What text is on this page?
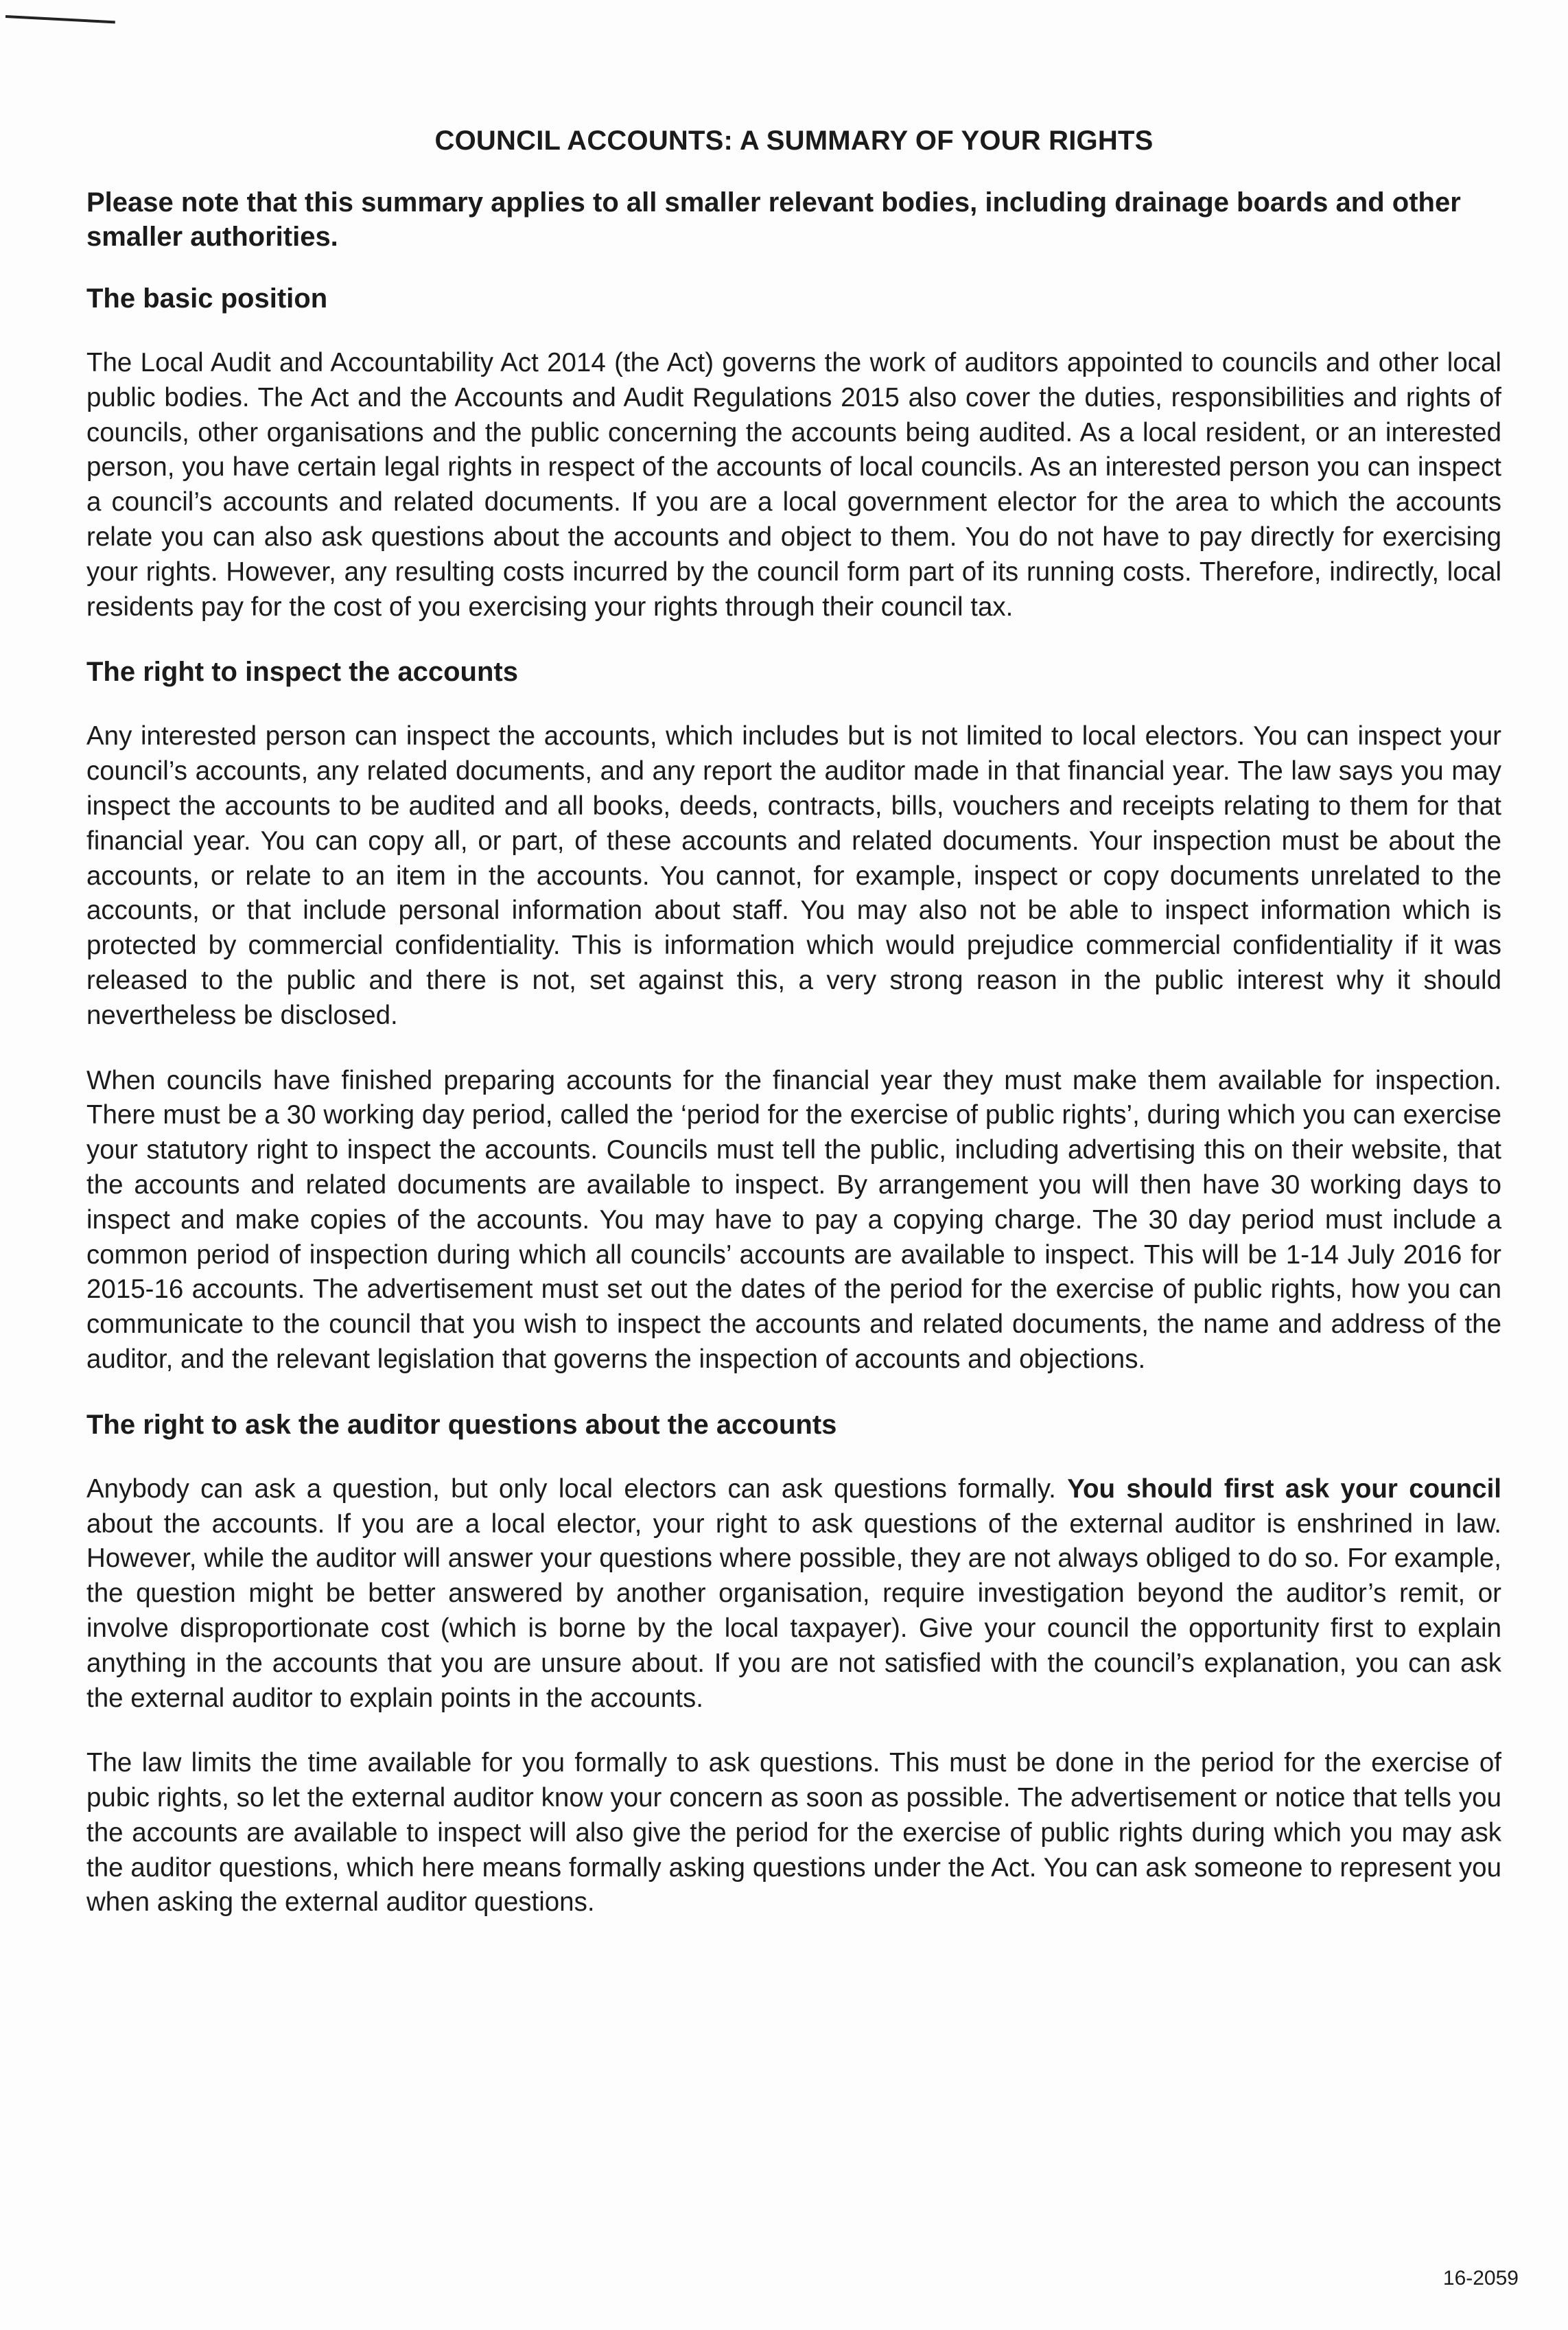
COUNCIL ACCOUNTS: A SUMMARY OF YOUR RIGHTS
Please note that this summary applies to all smaller relevant bodies, including drainage boards and other smaller authorities.
The basic position
The Local Audit and Accountability Act 2014 (the Act) governs the work of auditors appointed to councils and other local public bodies. The Act and the Accounts and Audit Regulations 2015 also cover the duties, responsibilities and rights of councils, other organisations and the public concerning the accounts being audited. As a local resident, or an interested person, you have certain legal rights in respect of the accounts of local councils. As an interested person you can inspect a council’s accounts and related documents. If you are a local government elector for the area to which the accounts relate you can also ask questions about the accounts and object to them. You do not have to pay directly for exercising your rights. However, any resulting costs incurred by the council form part of its running costs. Therefore, indirectly, local residents pay for the cost of you exercising your rights through their council tax.
The right to inspect the accounts
Any interested person can inspect the accounts, which includes but is not limited to local electors. You can inspect your council’s accounts, any related documents, and any report the auditor made in that financial year. The law says you may inspect the accounts to be audited and all books, deeds, contracts, bills, vouchers and receipts relating to them for that financial year. You can copy all, or part, of these accounts and related documents. Your inspection must be about the accounts, or relate to an item in the accounts. You cannot, for example, inspect or copy documents unrelated to the accounts, or that include personal information about staff. You may also not be able to inspect information which is protected by commercial confidentiality. This is information which would prejudice commercial confidentiality if it was released to the public and there is not, set against this, a very strong reason in the public interest why it should nevertheless be disclosed.
When councils have finished preparing accounts for the financial year they must make them available for inspection. There must be a 30 working day period, called the ‘period for the exercise of public rights’, during which you can exercise your statutory right to inspect the accounts. Councils must tell the public, including advertising this on their website, that the accounts and related documents are available to inspect. By arrangement you will then have 30 working days to inspect and make copies of the accounts. You may have to pay a copying charge. The 30 day period must include a common period of inspection during which all councils’ accounts are available to inspect. This will be 1-14 July 2016 for 2015-16 accounts. The advertisement must set out the dates of the period for the exercise of public rights, how you can communicate to the council that you wish to inspect the accounts and related documents, the name and address of the auditor, and the relevant legislation that governs the inspection of accounts and objections.
The right to ask the auditor questions about the accounts
Anybody can ask a question, but only local electors can ask questions formally. You should first ask your council about the accounts. If you are a local elector, your right to ask questions of the external auditor is enshrined in law. However, while the auditor will answer your questions where possible, they are not always obliged to do so. For example, the question might be better answered by another organisation, require investigation beyond the auditor’s remit, or involve disproportionate cost (which is borne by the local taxpayer). Give your council the opportunity first to explain anything in the accounts that you are unsure about. If you are not satisfied with the council’s explanation, you can ask the external auditor to explain points in the accounts.
The law limits the time available for you formally to ask questions. This must be done in the period for the exercise of pubic rights, so let the external auditor know your concern as soon as possible. The advertisement or notice that tells you the accounts are available to inspect will also give the period for the exercise of public rights during which you may ask the auditor questions, which here means formally asking questions under the Act. You can ask someone to represent you when asking the external auditor questions.
16-2059
